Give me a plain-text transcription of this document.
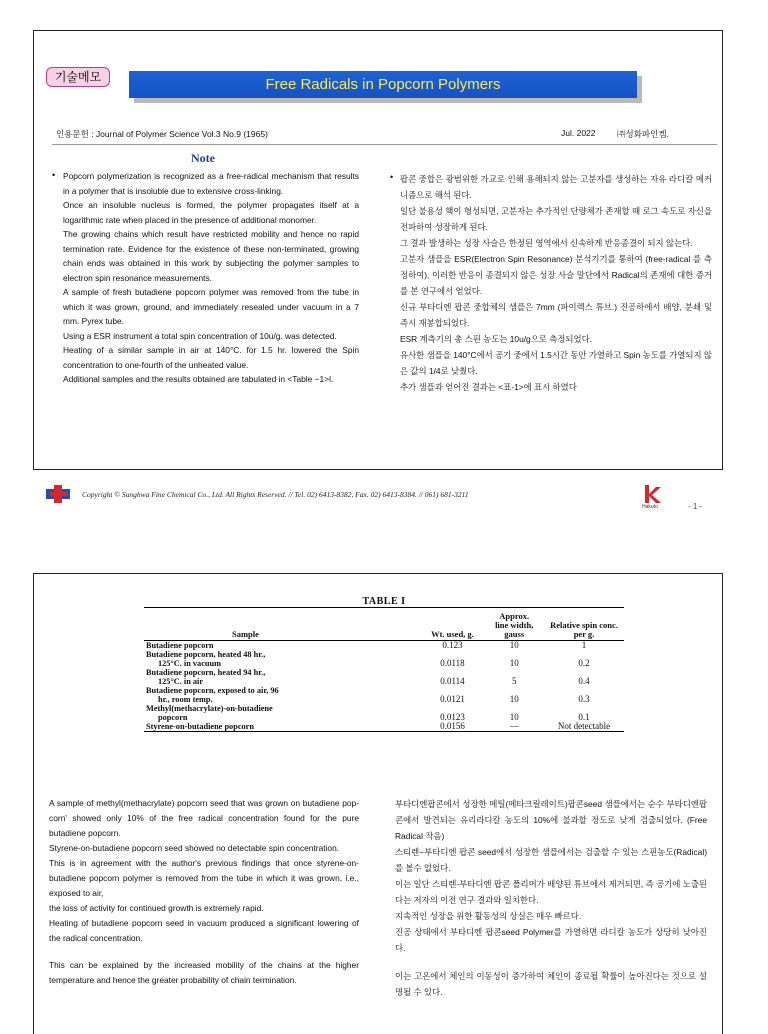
기술메모	Free Radicals in Popcorn Polymers
인용문헌 : Journal of Polymer Science Vol.3 No.9 (1965)	Jul. 2022	㈜성화파인켐.
Note
• Popcorn polymerization is recognized as a free-radical mechanism that results in a polymer that is insoluble due to extensive cross-linking.

Once an insoluble nucleus is formed, the polymer propagates itself at a logarithmic rate when placed in the presence of additional monomer.

The growing chains which result have restricted mobility and hence no rapid termination rate. Evidence for the existence of these non-terminated, growing chain ends was obtained in this work by subjecting the polymer samples to electron spin resonance measurements.

A sample of fresh butadiene popcorn polymer was removed from the tube in which it was grown, ground, and immediately resealed under vacuum in a 7 mm. Pyrex tube.

Using a ESR instrument a total spin concentration of 10u/g. was detected.

Heating of a similar sample in air at 140°C. for 1.5 hr. lowered the Spin concentration to one-fourth of the unheated value.

Additional samples and the results obtained are tabulated in <Table −1>l.

• 팝콘 중합은 광범위한 가교로 인해 용해되지 않는 고분자를 생성하는 자유 라디칼 메커니즘으로 해석 된다.

일단 불용성 핵이 형성되면, 고분자는 추가적인 단량체가 존재할 때 로그 속도로 자신을 전파하여 성장하게 된다.

그 결과 발생하는 성장 사슬은 한정된 영역에서 신속하게 반응종결이 되지 않는다.

고분자 샘플을 ESR(Electron Spin Resonance) 분석기기를 통하여 (free-radical 를 측정하여), 이러한 반응이 종결되지 않은 성장 사슬 말단에서 Radical의 존재에 대한 증거를 본 연구에서 얻었다.

신규 부타디엔 팝콘 중합체의 샘플은 7mm (파이렉스 튜브.) 진공하에서 배양, 분쇄 및 즉시 재봉합되었다.

ESR 계측기의 총 스핀 농도는 10u/g으로 측정되었다.

유사한 샘플을 140°C에서 공기 중에서 1.5시간 동안 가열하고 Spin 농도를 가열되지 않은 값의 1/4로 낮췄다.

추가 샘플과 얻어진 결과는 <표-1>에 표시 하였다

Copyright © Sunghwa Fine Chemical Co., Ltd. All Rights Reserved. // Tel. 02) 6413-8382, Fax. 02) 6413-8384. // 061) 681-3211
Hakuto	- 1 -
TABLE I
Sample	Wt. used, g.	Approx. line width, gauss	Relative spin conc. per g.

Butadiene popcorn	0.123	10	1

Butadiene popcorn, heated 48 hr.,
125°C. in vacuum	0.0118	10	0.2

Butadiene popcorn, heated 94 hr.,
125°C. in air	0.0114	5	0.4

Butadiene popcorn, exposed to air, 96
hr., room temp.	0.0121	10	0.3

Methyl(methacrylate)-on-butadiene
popcorn	0.0123	10	0.1

Styrene-on-butadiene popcorn	0.0156	—	Not detectable

A sample of methyl(methacrylate) popcorn seed that was grown on butadiene pop-corn' showed only 10% of the free radical concentration found for the pure butadiene popcorn.

Styrene-on-butadiene popcorn seed showed no detectable spin concentration.

This is in agreement with the author's previous findings that once styrene-on-butadiene popcorn polymer is removed from the tube in which it was grown, i.e., exposed to air,

the loss of activity for continued growth is extremely rapid.

Heating of butadiene popcorn seed in vacuum produced a significant lowering of the radical concentration.

This can be explained by the increased mobility of the chains at the higher temperature and hence the greater probability of chain termination.

부타디엔팝콘에서 성장한 메틸(메타크릴레이트)팝콘seed 샘플에서는 순수 부타디엔팝콘에서 발견되는 유리라디칼 농도의 10%에 불과할 정도로 낮게 검출되었다. (Free Radical 작음)

스티렌−부타디엔 팝콘 seed에서 성장한 샘플에서는 검출할 수 있는 스핀농도(Radical)를 볼수 없었다.

이는 일단 스티렌-부타디엔 팝콘 폴리머가 배양된 튜브에서 제거되면, 즉 공기에 노출된다는 저자의 이전 연구 결과와 일치한다.

지속적인 성장을 위한 활동성의 상실은 매우 빠르다.

진공 상태에서 부타디엔 팝콘seed Polymer를 가열하면 라디칼 농도가 상당히 낮아진다.

이는 고온에서 체인의 이동성이 증가하여 체인이 종료될 확률이 높아진다는 것으로 설명될 수 있다.
